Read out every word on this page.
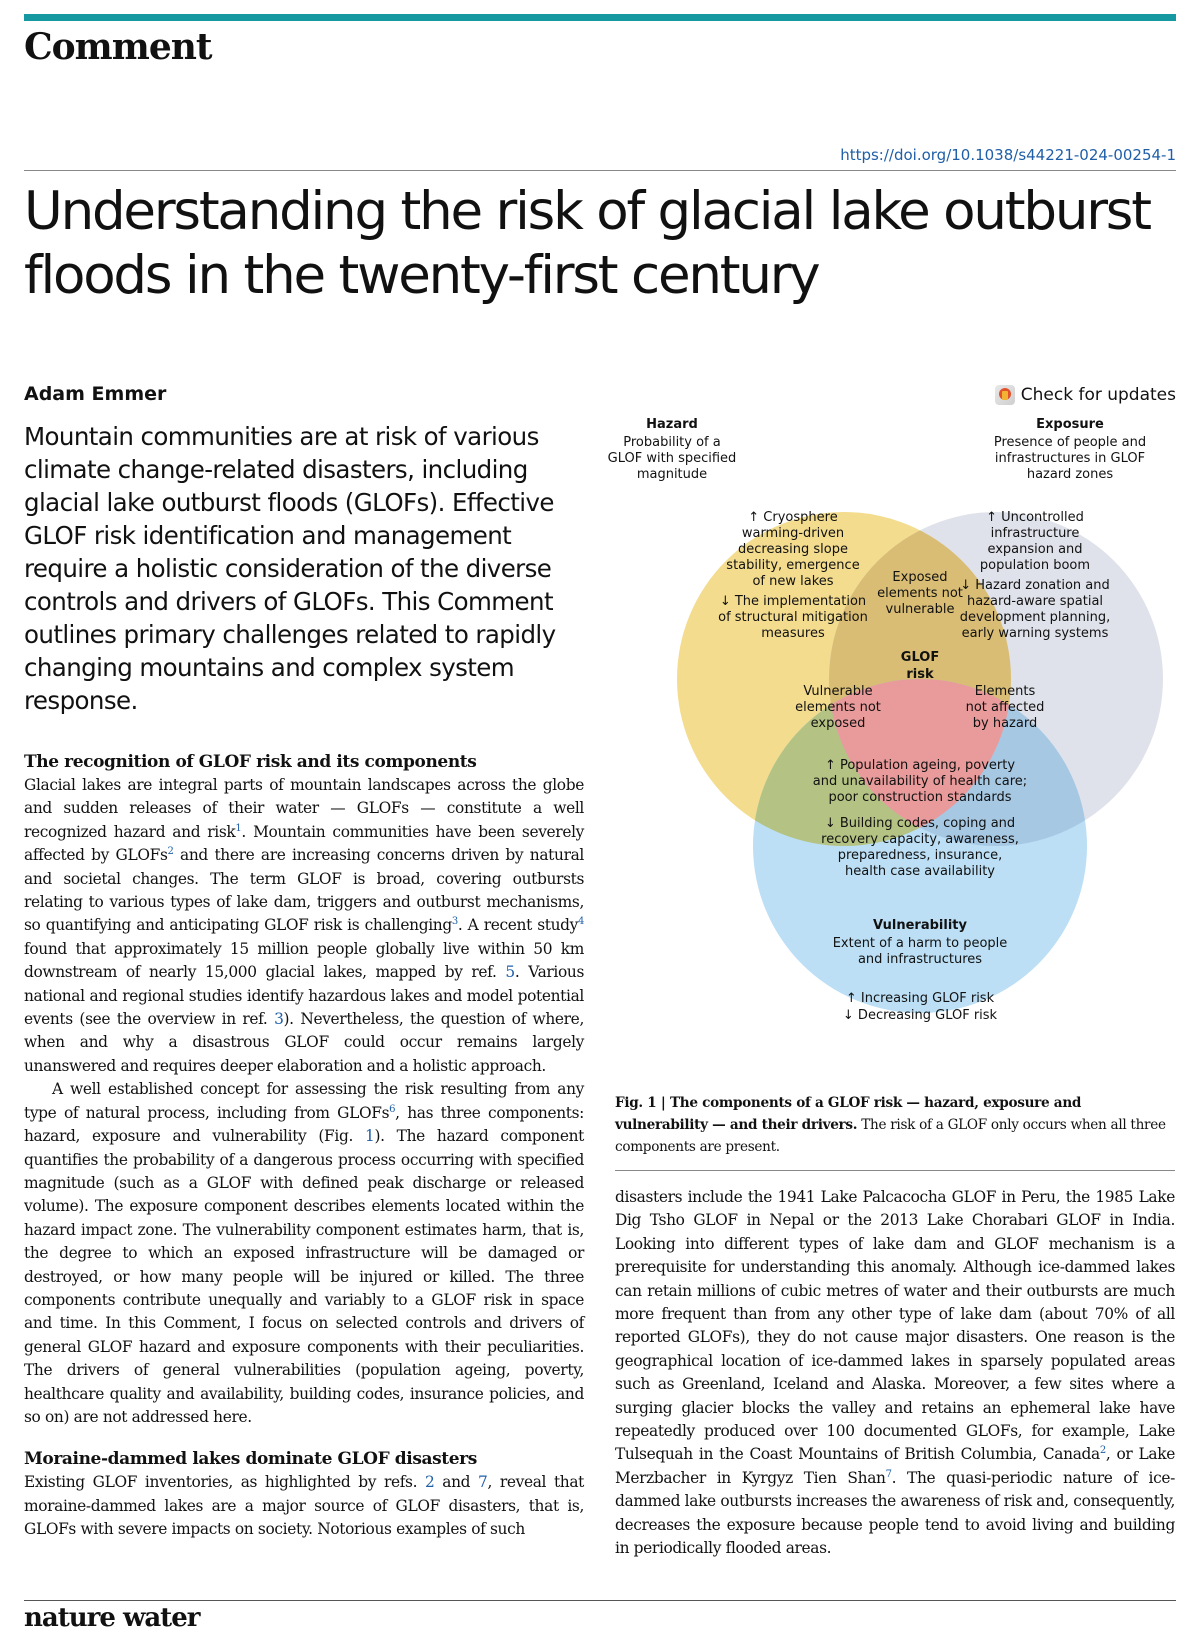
Comment
https://doi.org/10.1038/s44221-024-00254-1
Understanding the risk of glacial lake outburst floods in the twenty-first century
Adam Emmer	Check for updates
Mountain communities are at risk of various climate change-related disasters, including glacial lake outburst floods (GLOFs). Effective GLOF risk identification and management require a holistic consideration of the diverse controls and drivers of GLOFs. This Comment outlines primary challenges related to rapidly changing mountains and complex system response.
Hazard
Probability of a
GLOF with specified
magnitude
Exposure
Presence of people and
infrastructures in GLOF
hazard zones
↑ Cryosphere
warming-driven
decreasing slope
stability, emergence
of new lakes
↓ The implementation
of structural mitigation
measures
↑ Uncontrolled
infrastructure
expansion and
population boom
↓ Hazard zonation and
hazard-aware spatial
development planning,
early warning systems
Exposed
elements not
vulnerable
GLOF
risk
Vulnerable
elements not
exposed
Elements
not affected
by hazard
↑ Population ageing, poverty
and unavailability of health care;
poor construction standards
↓ Building codes, coping and
recovery capacity, awareness,
preparedness, insurance,
health case availability
Vulnerability
Extent of a harm to people
and infrastructures
↑ Increasing GLOF risk
↓ Decreasing GLOF risk
Fig. 1 | The components of a GLOF risk — hazard, exposure and vulnerability — and their drivers. The risk of a GLOF only occurs when all three components are present.
The recognition of GLOF risk and its components

Glacial lakes are integral parts of mountain landscapes across the globe and sudden releases of their water — GLOFs — constitute a well recognized hazard and risk$^1$. Mountain communities have been severely affected by GLOFs$^2$ and there are increasing concerns driven by natural and societal changes. The term GLOF is broad, covering outbursts relating to various types of lake dam, triggers and outburst mechanisms, so quantifying and anticipating GLOF risk is challenging$^3$. A recent study$^4$ found that approximately 15 million people globally live within 50 km downstream of nearly 15,000 glacial lakes, mapped by ref. 5. Various national and regional studies identify hazardous lakes and model potential events (see the overview in ref. 3). Nevertheless, the question of where, when and why a disastrous GLOF could occur remains largely unanswered and requires deeper elaboration and a holistic approach.

A well established concept for assessing the risk resulting from any type of natural process, including from GLOFs$^6$, has three components: hazard, exposure and vulnerability (Fig. 1). The hazard component quantifies the probability of a dangerous process occurring with specified magnitude (such as a GLOF with defined peak discharge or released volume). The exposure component describes elements located within the hazard impact zone. The vulnerability component estimates harm, that is, the degree to which an exposed infrastructure will be damaged or destroyed, or how many people will be injured or killed. The three components contribute unequally and variably to a GLOF risk in space and time. In this Comment, I focus on selected controls and drivers of general GLOF hazard and exposure components with their peculiarities. The drivers of general vulnerabilities (population ageing, poverty, healthcare quality and availability, building codes, insurance policies, and so on) are not addressed here.

Moraine-dammed lakes dominate GLOF disasters

Existing GLOF inventories, as highlighted by refs. 2 and 7, reveal that moraine-dammed lakes are a major source of GLOF disasters, that is, GLOFs with severe impacts on society. Notorious examples of such

disasters include the 1941 Lake Palcacocha GLOF in Peru, the 1985 Lake Dig Tsho GLOF in Nepal or the 2013 Lake Chorabari GLOF in India. Looking into different types of lake dam and GLOF mechanism is a prerequisite for understanding this anomaly. Although ice-dammed lakes can retain millions of cubic metres of water and their outbursts are much more frequent than from any other type of lake dam (about 70% of all reported GLOFs), they do not cause major disasters. One reason is the geographical location of ice-dammed lakes in sparsely populated areas such as Greenland, Iceland and Alaska. Moreover, a few sites where a surging glacier blocks the valley and retains an ephemeral lake have repeatedly produced over 100 documented GLOFs, for example, Lake Tulsequah in the Coast Mountains of British Columbia, Canada$^2$, or Lake Merzbacher in Kyrgyz Tien Shan$^7$. The quasi-periodic nature of ice-dammed lake outbursts increases the awareness of risk and, consequently, decreases the exposure because people tend to avoid living and building in periodically flooded areas.

nature water
